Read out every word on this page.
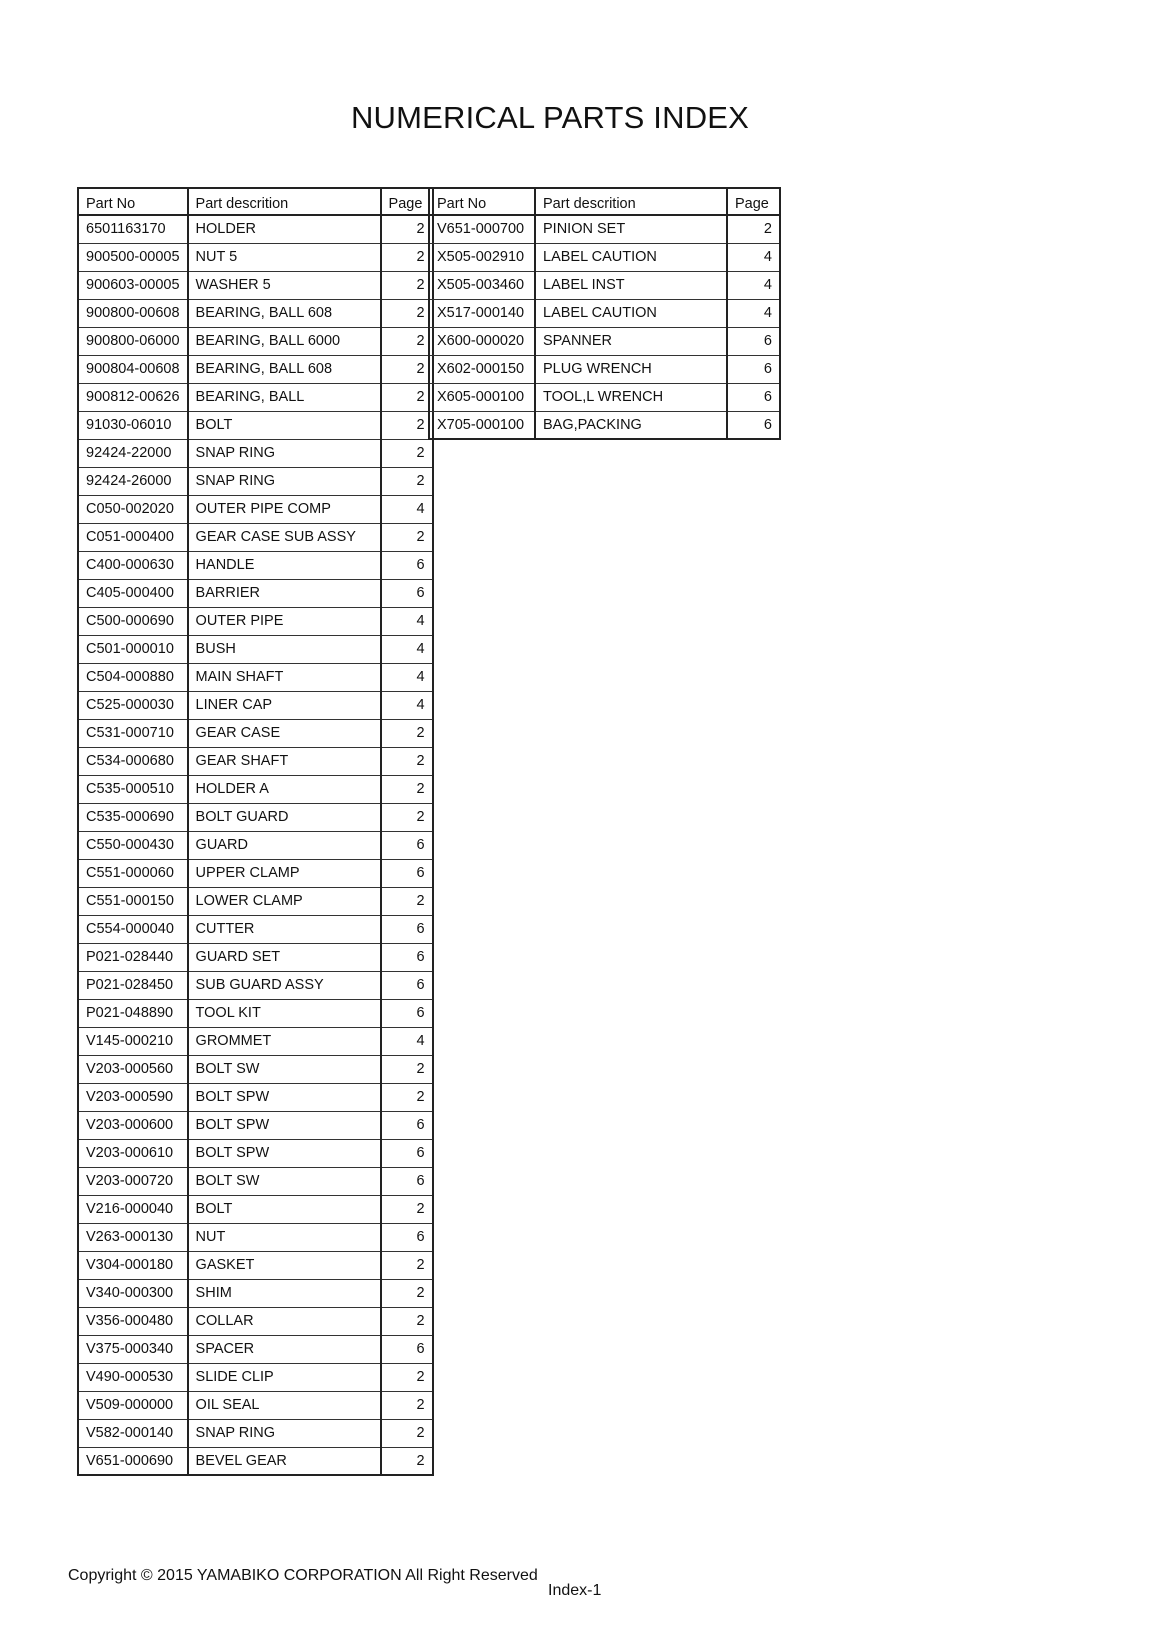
NUMERICAL PARTS INDEX
Part No	Part descrition	Page
6501163170	HOLDER	2
900500-00005	NUT 5	2
900603-00005	WASHER 5	2
900800-00608	BEARING, BALL 608	2
900800-06000	BEARING, BALL 6000	2
900804-00608	BEARING, BALL 608	2
900812-00626	BEARING, BALL	2
91030-06010	BOLT	2
92424-22000	SNAP RING	2
92424-26000	SNAP RING	2
C050-002020	OUTER PIPE COMP	4
C051-000400	GEAR CASE SUB ASSY	2
C400-000630	HANDLE	6
C405-000400	BARRIER	6
C500-000690	OUTER PIPE	4
C501-000010	BUSH	4
C504-000880	MAIN SHAFT	4
C525-000030	LINER CAP	4
C531-000710	GEAR CASE	2
C534-000680	GEAR SHAFT	2
C535-000510	HOLDER A	2
C535-000690	BOLT GUARD	2
C550-000430	GUARD	6
C551-000060	UPPER CLAMP	6
C551-000150	LOWER CLAMP	2
C554-000040	CUTTER	6
P021-028440	GUARD SET	6
P021-028450	SUB GUARD ASSY	6
P021-048890	TOOL KIT	6
V145-000210	GROMMET	4
V203-000560	BOLT SW	2
V203-000590	BOLT SPW	2
V203-000600	BOLT SPW	6
V203-000610	BOLT SPW	6
V203-000720	BOLT SW	6
V216-000040	BOLT	2
V263-000130	NUT	6
V304-000180	GASKET	2
V340-000300	SHIM	2
V356-000480	COLLAR	2
V375-000340	SPACER	6
V490-000530	SLIDE CLIP	2
V509-000000	OIL SEAL	2
V582-000140	SNAP RING	2
V651-000690	BEVEL GEAR	2
Part No	Part descrition	Page
V651-000700	PINION SET	2
X505-002910	LABEL CAUTION	4
X505-003460	LABEL INST	4
X517-000140	LABEL CAUTION	4
X600-000020	SPANNER	6
X602-000150	PLUG WRENCH	6
X605-000100	TOOL,L WRENCH	6
X705-000100	BAG,PACKING	6
Copyright © 2015 YAMABIKO CORPORATION All Right Reserved
Index-1
